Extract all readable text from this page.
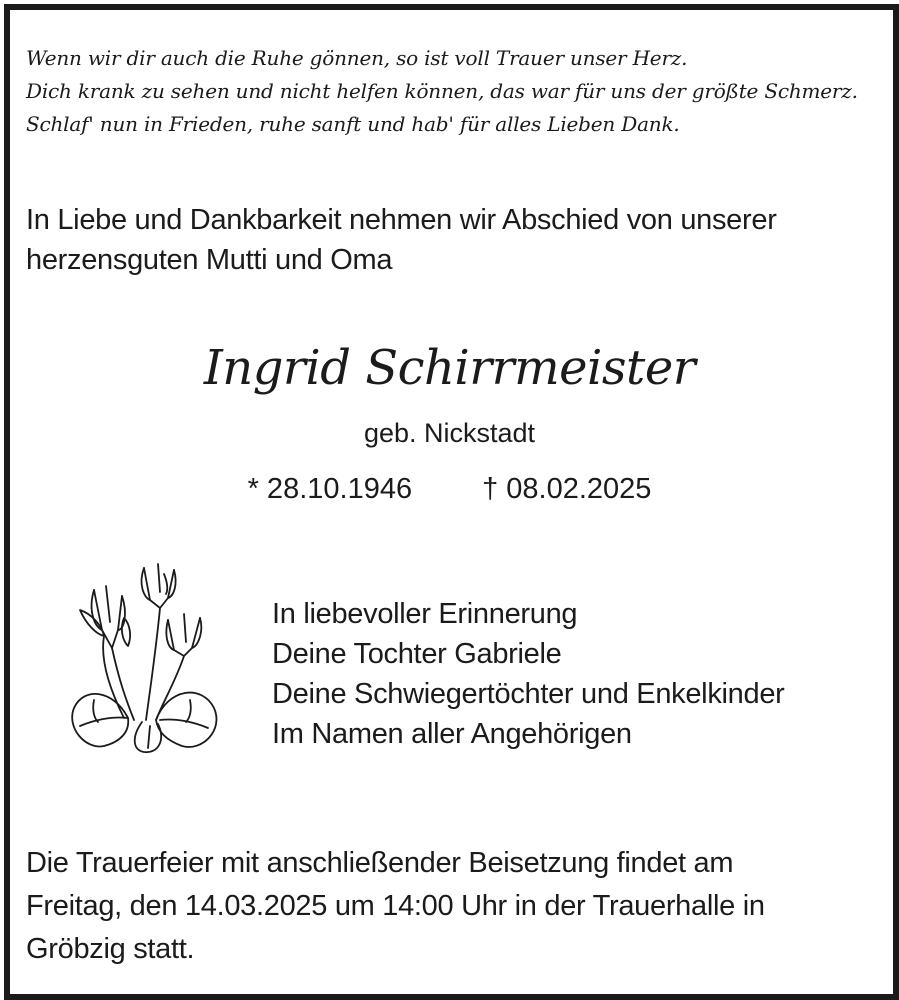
Wenn wir dir auch die Ruhe gönnen, so ist voll Trauer unser Herz.
Dich krank zu sehen und nicht helfen können, das war für uns der größte Schmerz.
Schlaf' nun in Frieden, ruhe sanft und hab' für alles Lieben Dank.
In Liebe und Dankbarkeit nehmen wir Abschied von unserer
herzensguten Mutti und Oma
Ingrid Schirrmeister
geb. Nickstadt
* 28.10.1946 † 08.02.2025
In liebevoller Erinnerung
Deine Tochter Gabriele
Deine Schwiegertöchter und Enkelkinder
Im Namen aller Angehörigen
Die Trauerfeier mit anschließender Beisetzung findet am
Freitag, den 14.03.2025 um 14:00 Uhr in der Trauerhalle in
Gröbzig statt.
